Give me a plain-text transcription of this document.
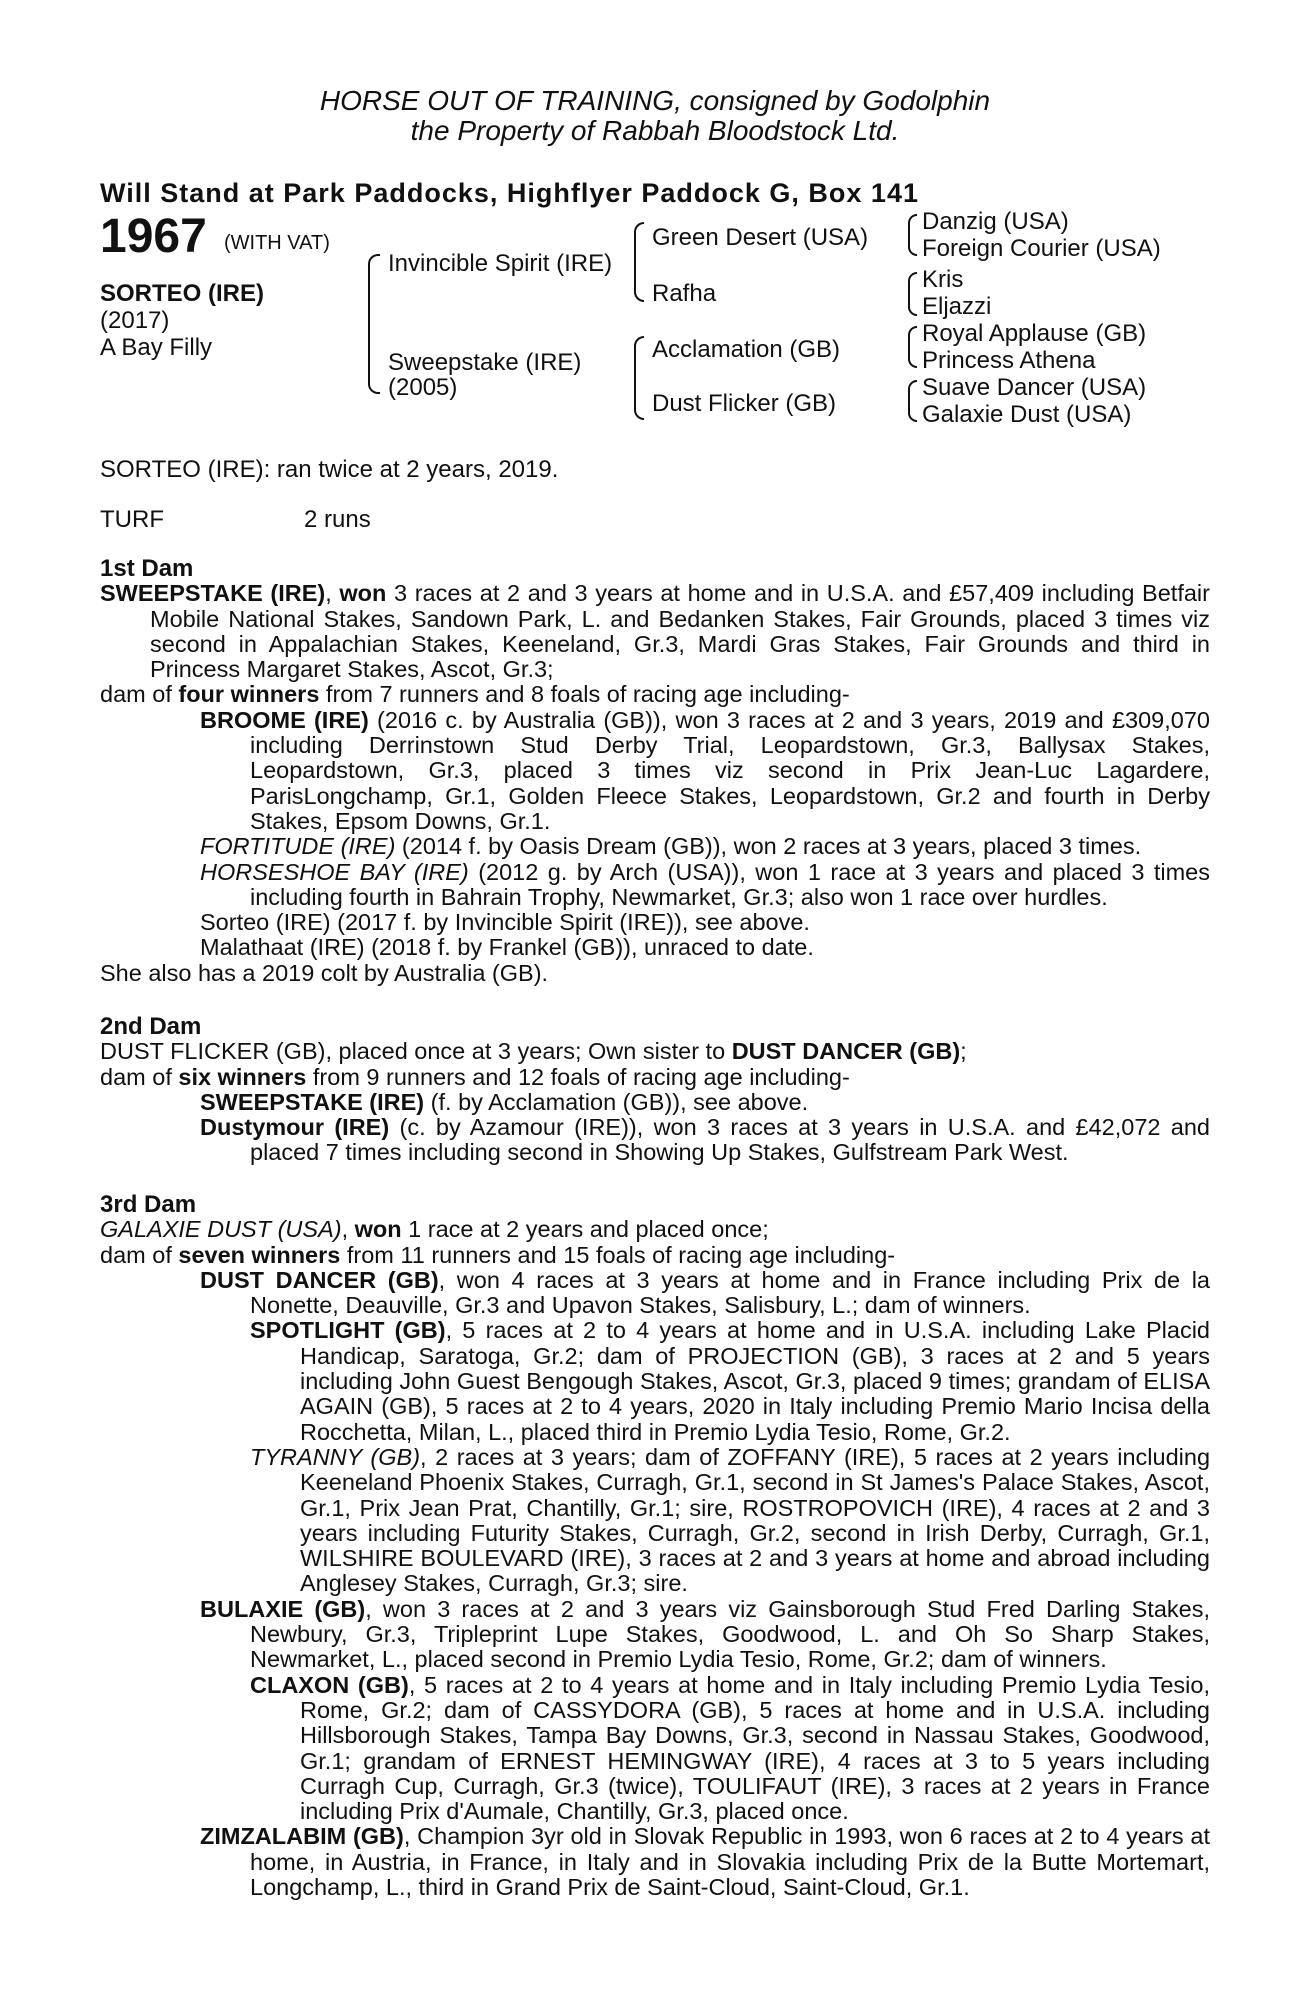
HORSE OUT OF TRAINING, consigned by Godolphin
the Property of Rabbah Bloodstock Ltd.
Will Stand at Park Paddocks, Highflyer Paddock G, Box 141
1967 (WITH VAT)
SORTEO (IRE)
(2017)
A Bay Filly
Invincible Spirit (IRE)
Sweepstake (IRE)
(2005)
Green Desert (USA)
Rafha
Acclamation (GB)
Dust Flicker (GB)
Danzig (USA)
Foreign Courier (USA)
Kris
Eljazzi
Royal Applause (GB)
Princess Athena
Suave Dancer (USA)
Galaxie Dust (USA)
SORTEO (IRE): ran twice at 2 years, 2019.
TURF	2 runs

1st Dam

SWEEPSTAKE (IRE), won 3 races at 2 and 3 years at home and in U.S.A. and £57,409 including Betfair Mobile National Stakes, Sandown Park, L. and Bedanken Stakes, Fair Grounds, placed 3 times viz second in Appalachian Stakes, Keeneland, Gr.3, Mardi Gras Stakes, Fair Grounds and third in Princess Margaret Stakes, Ascot, Gr.3;

dam of four winners from 7 runners and 8 foals of racing age including-

BROOME (IRE) (2016 c. by Australia (GB)), won 3 races at 2 and 3 years, 2019 and £309,070 including Derrinstown Stud Derby Trial, Leopardstown, Gr.3, Ballysax Stakes, Leopardstown, Gr.3, placed 3 times viz second in Prix Jean-Luc Lagardere, ParisLongchamp, Gr.1, Golden Fleece Stakes, Leopardstown, Gr.2 and fourth in Derby Stakes, Epsom Downs, Gr.1.

FORTITUDE (IRE) (2014 f. by Oasis Dream (GB)), won 2 races at 3 years, placed 3 times.

HORSESHOE BAY (IRE) (2012 g. by Arch (USA)), won 1 race at 3 years and placed 3 times including fourth in Bahrain Trophy, Newmarket, Gr.3; also won 1 race over hurdles.

Sorteo (IRE) (2017 f. by Invincible Spirit (IRE)), see above.

Malathaat (IRE) (2018 f. by Frankel (GB)), unraced to date.

She also has a 2019 colt by Australia (GB).

2nd Dam

DUST FLICKER (GB), placed once at 3 years; Own sister to DUST DANCER (GB);

dam of six winners from 9 runners and 12 foals of racing age including-

SWEEPSTAKE (IRE) (f. by Acclamation (GB)), see above.

Dustymour (IRE) (c. by Azamour (IRE)), won 3 races at 3 years in U.S.A. and £42,072 and placed 7 times including second in Showing Up Stakes, Gulfstream Park West.

3rd Dam

GALAXIE DUST (USA), won 1 race at 2 years and placed once;

dam of seven winners from 11 runners and 15 foals of racing age including-

DUST DANCER (GB), won 4 races at 3 years at home and in France including Prix de la Nonette, Deauville, Gr.3 and Upavon Stakes, Salisbury, L.; dam of winners.

SPOTLIGHT (GB), 5 races at 2 to 4 years at home and in U.S.A. including Lake Placid Handicap, Saratoga, Gr.2; dam of PROJECTION (GB), 3 races at 2 and 5 years including John Guest Bengough Stakes, Ascot, Gr.3, placed 9 times; grandam of ELISA AGAIN (GB), 5 races at 2 to 4 years, 2020 in Italy including Premio Mario Incisa della Rocchetta, Milan, L., placed third in Premio Lydia Tesio, Rome, Gr.2.

TYRANNY (GB), 2 races at 3 years; dam of ZOFFANY (IRE), 5 races at 2 years including Keeneland Phoenix Stakes, Curragh, Gr.1, second in St James's Palace Stakes, Ascot, Gr.1, Prix Jean Prat, Chantilly, Gr.1; sire, ROSTROPOVICH (IRE), 4 races at 2 and 3 years including Futurity Stakes, Curragh, Gr.2, second in Irish Derby, Curragh, Gr.1, WILSHIRE BOULEVARD (IRE), 3 races at 2 and 3 years at home and abroad including Anglesey Stakes, Curragh, Gr.3; sire.

BULAXIE (GB), won 3 races at 2 and 3 years viz Gainsborough Stud Fred Darling Stakes, Newbury, Gr.3, Tripleprint Lupe Stakes, Goodwood, L. and Oh So Sharp Stakes, Newmarket, L., placed second in Premio Lydia Tesio, Rome, Gr.2; dam of winners.

CLAXON (GB), 5 races at 2 to 4 years at home and in Italy including Premio Lydia Tesio, Rome, Gr.2; dam of CASSYDORA (GB), 5 races at home and in U.S.A. including Hillsborough Stakes, Tampa Bay Downs, Gr.3, second in Nassau Stakes, Goodwood, Gr.1; grandam of ERNEST HEMINGWAY (IRE), 4 races at 3 to 5 years including Curragh Cup, Curragh, Gr.3 (twice), TOULIFAUT (IRE), 3 races at 2 years in France including Prix d'Aumale, Chantilly, Gr.3, placed once.

ZIMZALABIM (GB), Champion 3yr old in Slovak Republic in 1993, won 6 races at 2 to 4 years at home, in Austria, in France, in Italy and in Slovakia including Prix de la Butte Mortemart, Longchamp, L., third in Grand Prix de Saint-Cloud, Saint-Cloud, Gr.1.
